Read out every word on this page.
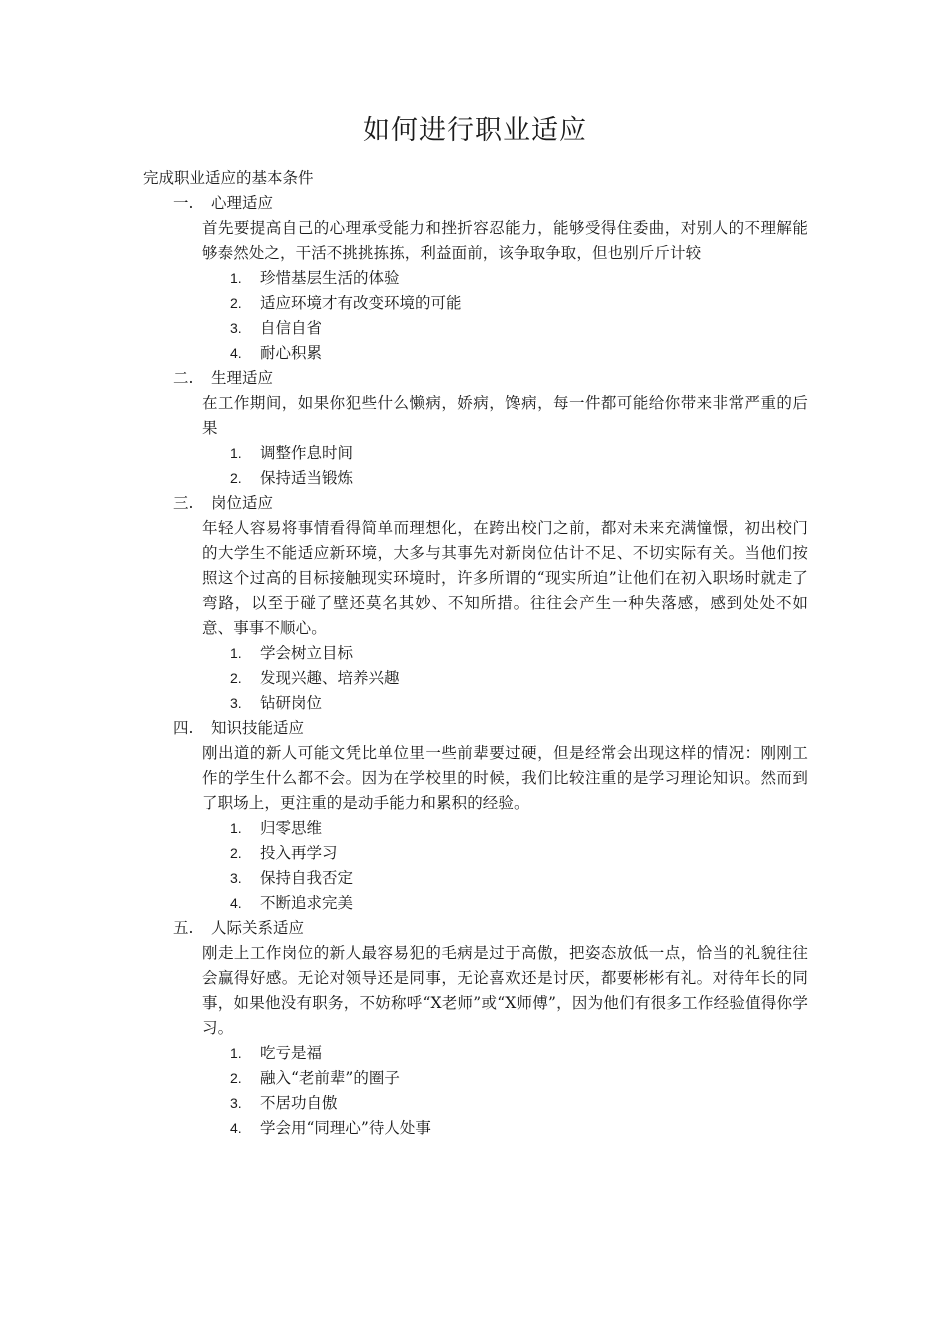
如何进行职业适应
完成职业适应的基本条件
一. 心理适应
首先要提高自己的心理承受能力和挫折容忍能力，能够受得住委曲，对别人的不理解能够泰然处之，干活不挑挑拣拣，利益面前，该争取争取，但也别斤斤计较
1. 珍惜基层生活的体验
2. 适应环境才有改变环境的可能
3. 自信自省
4. 耐心积累
二. 生理适应
在工作期间，如果你犯些什么懒病，娇病，馋病，每一件都可能给你带来非常严重的后果
1. 调整作息时间
2. 保持适当锻炼
三. 岗位适应
年轻人容易将事情看得简单而理想化，在跨出校门之前，都对未来充满憧憬，初出校门的大学生不能适应新环境，大多与其事先对新岗位估计不足、不切实际有关。当他们按照这个过高的目标接触现实环境时，许多所谓的“现实所迫”让他们在初入职场时就走了弯路，以至于碰了壁还莫名其妙、不知所措。往往会产生一种失落感，感到处处不如意、事事不顺心。
1. 学会树立目标
2. 发现兴趣、培养兴趣
3. 钻研岗位
四. 知识技能适应
刚出道的新人可能文凭比单位里一些前辈要过硬，但是经常会出现这样的情况：刚刚工作的学生什么都不会。因为在学校里的时候，我们比较注重的是学习理论知识。然而到了职场上，更注重的是动手能力和累积的经验。
1. 归零思维
2. 投入再学习
3. 保持自我否定
4. 不断追求完美
五. 人际关系适应
刚走上工作岗位的新人最容易犯的毛病是过于高傲，把姿态放低一点，恰当的礼貌往往会赢得好感。无论对领导还是同事，无论喜欢还是讨厌，都要彬彬有礼。对待年长的同事，如果他没有职务，不妨称呼“X老师”或“X师傅”，因为他们有很多工作经验值得你学习。
1. 吃亏是福
2. 融入“老前辈”的圈子
3. 不居功自傲
4. 学会用“同理心”待人处事
